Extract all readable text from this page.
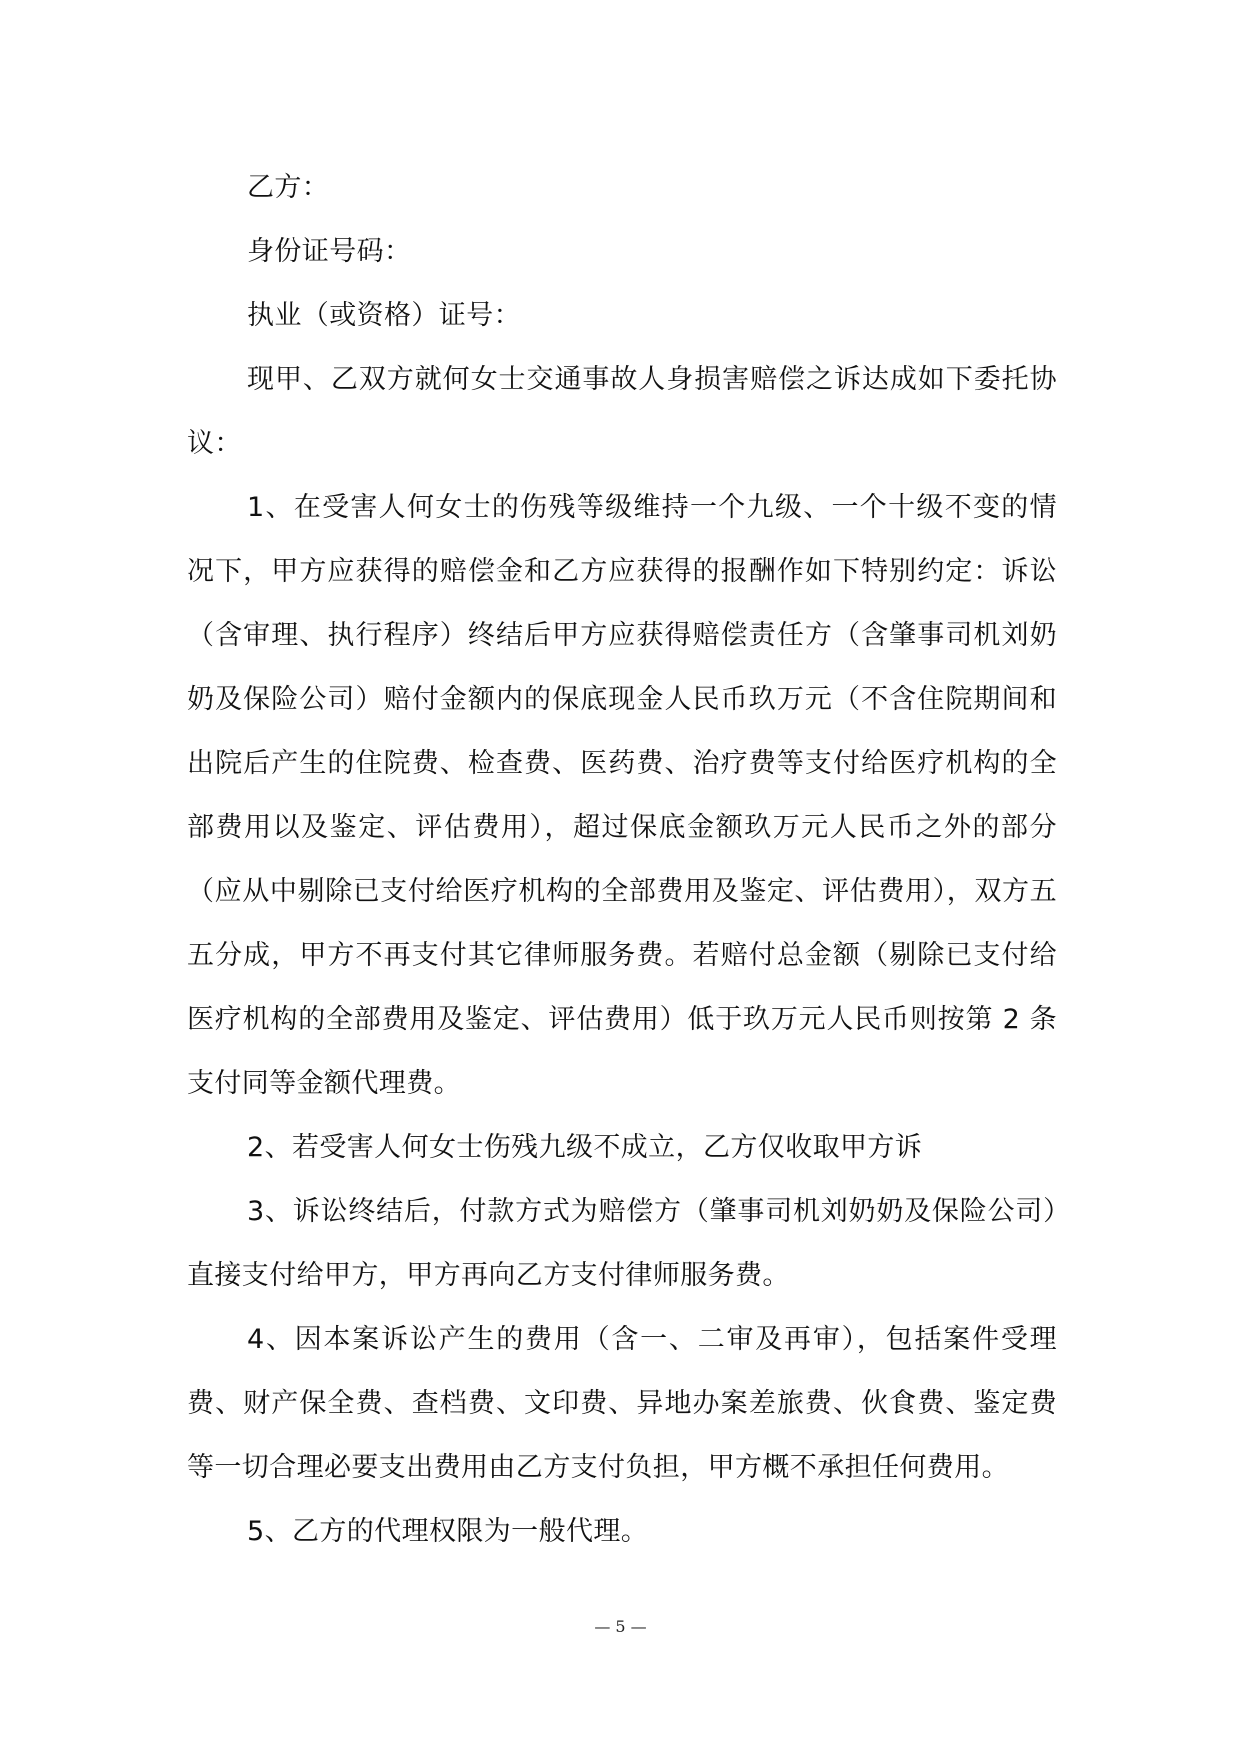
乙方：

身份证号码：

执业（或资格）证号：

现甲、乙双方就何女士交通事故人身损害赔偿之诉达成如下委托协议：

1、在受害人何女士的伤残等级维持一个九级、一个十级不变的情况下，甲方应获得的赔偿金和乙方应获得的报酬作如下特别约定：诉讼（含审理、执行程序）终结后甲方应获得赔偿责任方（含肇事司机刘奶奶及保险公司）赔付金额内的保底现金人民币玖万元（不含住院期间和出院后产生的住院费、检查费、医药费、治疗费等支付给医疗机构的全部费用以及鉴定、评估费用），超过保底金额玖万元人民币之外的部分（应从中剔除已支付给医疗机构的全部费用及鉴定、评估费用），双方五五分成，甲方不再支付其它律师服务费。若赔付总金额（剔除已支付给医疗机构的全部费用及鉴定、评估费用）低于玖万元人民币则按第 2 条支付同等金额代理费。

2、若受害人何女士伤残九级不成立，乙方仅收取甲方诉

3、诉讼终结后，付款方式为赔偿方（肇事司机刘奶奶及保险公司）直接支付给甲方，甲方再向乙方支付律师服务费。

4、因本案诉讼产生的费用（含一、二审及再审），包括案件受理费、财产保全费、查档费、文印费、异地办案差旅费、伙食费、鉴定费等一切合理必要支出费用由乙方支付负担，甲方概不承担任何费用。

5、乙方的代理权限为一般代理。

— 5 —
